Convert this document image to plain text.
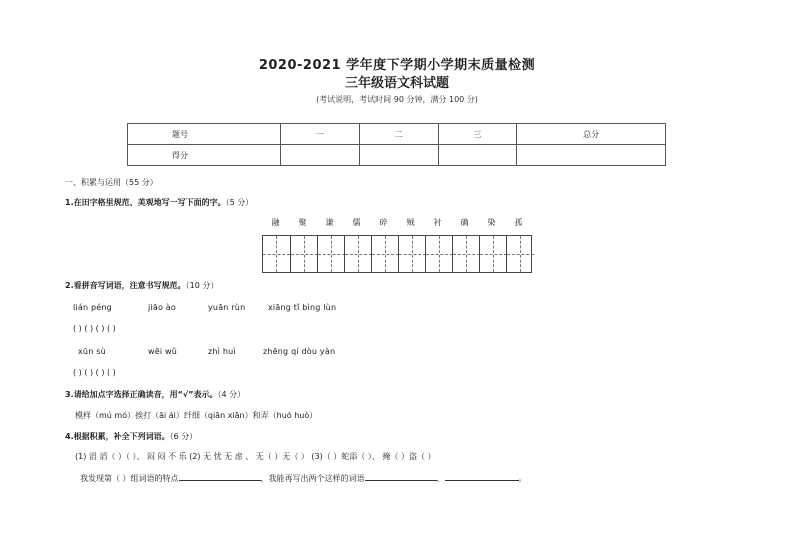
2020-2021 学年度下学期小学期末质量检测
三年级语文科试题
(考试说明，考试时间 90 分钟，满分 100 分)
题号	一	二	三	总分
得分				
一、积累与运用（55 分）
1.在田字格里规范、美观地写一写下面的字。（5 分）
融 聚 谦 儒 碎 贼 衬 确 染 孤
2.看拼音写词语，注意书写规范。（10 分）
lián péng	jiāo ào	yuān rùn	xiāng tǐ bìng lùn
( ) ( ) ( ) ( )
xūn sù	wēi wǔ	zhì huì	zhēng qí dòu yàn
( ) ( ) ( ) ( )
3.请给加点字选择正确读音，用“√”表示。（4 分）
模样（mú mó）挨打（āi ái）纤细（qiān xiān）和弄（huó huò）
4.根据积累，补全下列词语。（6 分）
(1) 滔 滔（ ）（ ）、 闷 闷 不 乐 (2) 无 忧 无 虑 、 无（ ）无（ ） (3)（ ）蛇添（ ）、 掩（ ）盗（ ）
我发现第（ ）组词语的特点	，我能再写出两个这样的词语	、	。
